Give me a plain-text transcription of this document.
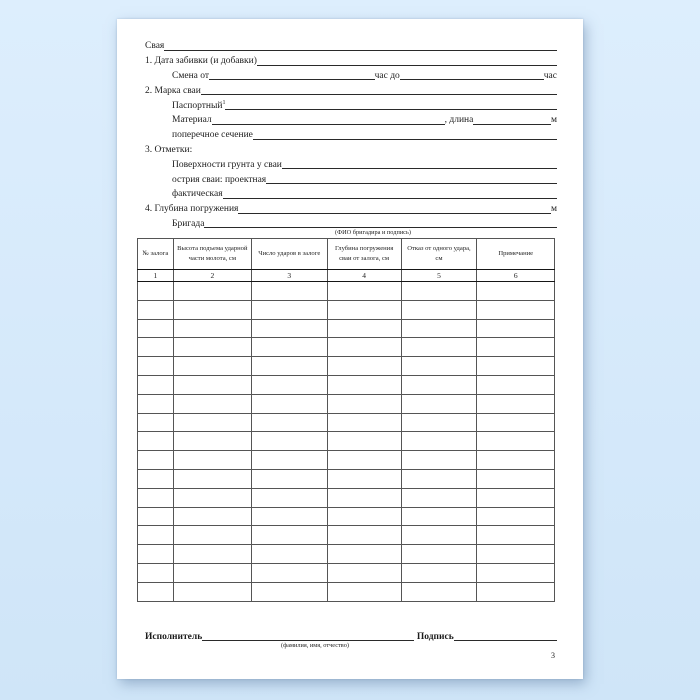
Свая
1. Дата забивки (и добавки)
Смена от	час до	час
2. Марка сваи
Паспортный$^1$
Материал	, длина	м
поперечное сечение
3. Отметки:
Поверхности грунта у сваи
острия сваи: проектная
фактическая
4. Глубина погружения	м
Бригада
(ФИО бригадира и подпись)
№ залога	Высота подъема ударной части молота, см	Число ударов в залоге	Глубина погружения сваи от залога, см	Отказ от одного удара, см	Примечание
1	2	3	4	5	6

Исполнитель	Подпись
(фамилия, имя, отчество)
3
